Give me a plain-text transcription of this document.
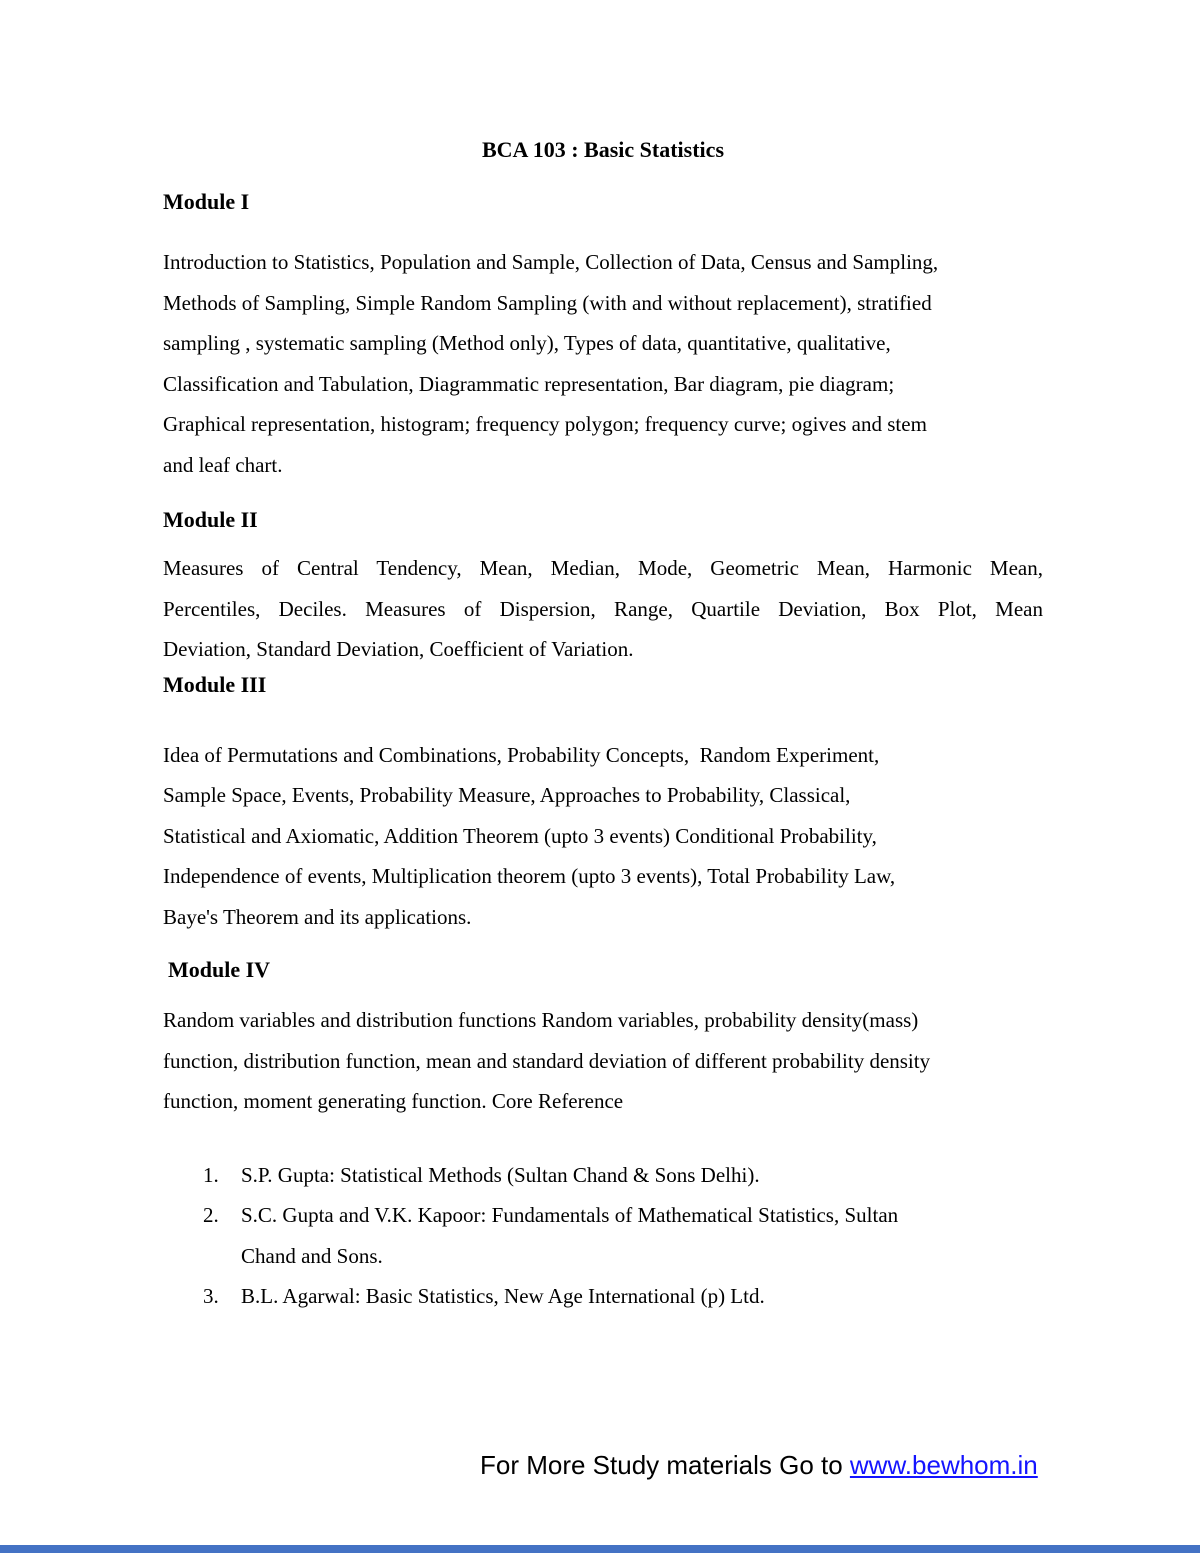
BCA 103 : Basic Statistics
Module I
Introduction to Statistics, Population and Sample, Collection of Data, Census and Sampling,
Methods of Sampling, Simple Random Sampling (with and without replacement), stratified
sampling , systematic sampling (Method only), Types of data, quantitative, qualitative,
Classification and Tabulation, Diagrammatic representation, Bar diagram, pie diagram;
Graphical representation, histogram; frequency polygon; frequency curve; ogives and stem
and leaf chart.
Module II
Measures of Central Tendency, Mean, Median, Mode, Geometric Mean, Harmonic Mean,
Percentiles, Deciles. Measures of Dispersion, Range, Quartile Deviation, Box Plot, Mean
Deviation, Standard Deviation, Coefficient of Variation.
Module III
Idea of Permutations and Combinations, Probability Concepts,  Random Experiment,
Sample Space, Events, Probability Measure, Approaches to Probability, Classical,
Statistical and Axiomatic, Addition Theorem (upto 3 events) Conditional Probability,
Independence of events, Multiplication theorem (upto 3 events), Total Probability Law,
Baye's Theorem and its applications.
Module IV
Random variables and distribution functions Random variables, probability density(mass)
function, distribution function, mean and standard deviation of different probability density
function, moment generating function. Core Reference
1.	S.P. Gupta: Statistical Methods (Sultan Chand & Sons Delhi).
2.	S.C. Gupta and V.K. Kapoor: Fundamentals of Mathematical Statistics, Sultan
Chand and Sons.
3.	B.L. Agarwal: Basic Statistics, New Age International (p) Ltd.
For More Study materials Go to www.bewhom.in
